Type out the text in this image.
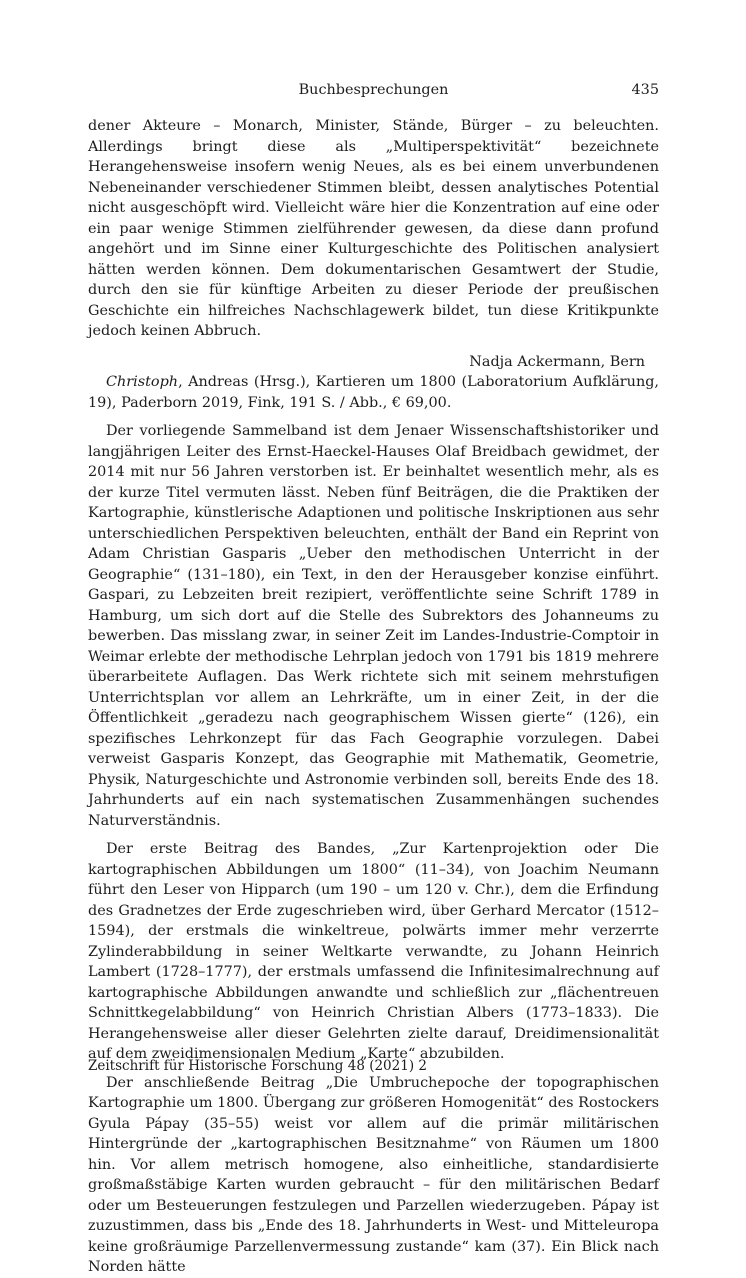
Buchbesprechungen	435

dener Akteure – Monarch, Minister, Stände, Bürger – zu beleuchten. Allerdings bringt diese als „Multiperspektivität“ bezeichnete Herangehensweise insofern wenig Neues, als es bei einem unverbundenen Nebeneinander verschiedener Stimmen bleibt, dessen analytisches Potential nicht ausgeschöpft wird. Vielleicht wäre hier die Konzentration auf eine oder ein paar wenige Stimmen zielführender gewesen, da diese dann profund angehört und im Sinne einer Kulturgeschichte des Politischen analysiert hätten werden können. Dem dokumentarischen Gesamtwert der Studie, durch den sie für künftige Arbeiten zu dieser Periode der preußischen Geschichte ein hilfreiches Nachschlagewerk bildet, tun diese Kritikpunkte jedoch keinen Abbruch.

Nadja Ackermann, Bern

Christoph, Andreas (Hrsg.), Kartieren um 1800 (Laboratorium Aufklärung, 19), Paderborn 2019, Fink, 191 S. / Abb., € 69,00.

Der vorliegende Sammelband ist dem Jenaer Wissenschaftshistoriker und langjährigen Leiter des Ernst-Haeckel-Hauses Olaf Breidbach gewidmet, der 2014 mit nur 56 Jahren verstorben ist. Er beinhaltet wesentlich mehr, als es der kurze Titel vermuten lässt. Neben fünf Beiträgen, die die Praktiken der Kartographie, künstlerische Adaptionen und politische Inskriptionen aus sehr unterschiedlichen Perspektiven beleuchten, enthält der Band ein Reprint von Adam Christian Gasparis „Ueber den methodischen Unterricht in der Geographie“ (131–180), ein Text, in den der Herausgeber konzise einführt. Gaspari, zu Lebzeiten breit rezipiert, veröffentlichte seine Schrift 1789 in Hamburg, um sich dort auf die Stelle des Subrektors des Johanneums zu bewerben. Das misslang zwar, in seiner Zeit im Landes-Industrie-Comptoir in Weimar erlebte der methodische Lehrplan jedoch von 1791 bis 1819 mehrere überarbeitete Auflagen. Das Werk richtete sich mit seinem mehrstufigen Unterrichtsplan vor allem an Lehrkräfte, um in einer Zeit, in der die Öffentlichkeit „geradezu nach geographischem Wissen gierte“ (126), ein spezifisches Lehrkonzept für das Fach Geographie vorzulegen. Dabei verweist Gasparis Konzept, das Geographie mit Mathematik, Geometrie, Physik, Naturgeschichte und Astronomie verbinden soll, bereits Ende des 18. Jahrhunderts auf ein nach systematischen Zusammenhängen suchendes Naturverständnis.

Der erste Beitrag des Bandes, „Zur Kartenprojektion oder Die kartographischen Abbildungen um 1800“ (11–34), von Joachim Neumann führt den Leser von Hipparch (um 190 – um 120 v. Chr.), dem die Erfindung des Gradnetzes der Erde zugeschrieben wird, über Gerhard Mercator (1512–1594), der erstmals die winkeltreue, polwärts immer mehr verzerrte Zylinderabbildung in seiner Weltkarte verwandte, zu Johann Heinrich Lambert (1728–1777), der erstmals umfassend die Infinitesimalrechnung auf kartographische Abbildungen anwandte und schließlich zur „flächentreuen Schnittkegelabbildung“ von Heinrich Christian Albers (1773–1833). Die Herangehensweise aller dieser Gelehrten zielte darauf, Dreidimensionalität auf dem zweidimensionalen Medium „Karte“ abzubilden.

Der anschließende Beitrag „Die Umbruchepoche der topographischen Kartographie um 1800. Übergang zur größeren Homogenität“ des Rostockers Gyula Pápay (35–55) weist vor allem auf die primär militärischen Hintergründe der „kartographischen Besitznahme“ von Räumen um 1800 hin. Vor allem metrisch homogene, also einheitliche, standardisierte großmaßstäbige Karten wurden gebraucht – für den militärischen Bedarf oder um Besteuerungen festzulegen und Parzellen wiederzugeben. Pápay ist zuzustimmen, dass bis „Ende des 18. Jahrhunderts in West- und Mitteleuropa keine großräumige Parzellenvermessung zustande“ kam (37). Ein Blick nach Norden hätte

Zeitschrift für Historische Forschung 48 (2021) 2
